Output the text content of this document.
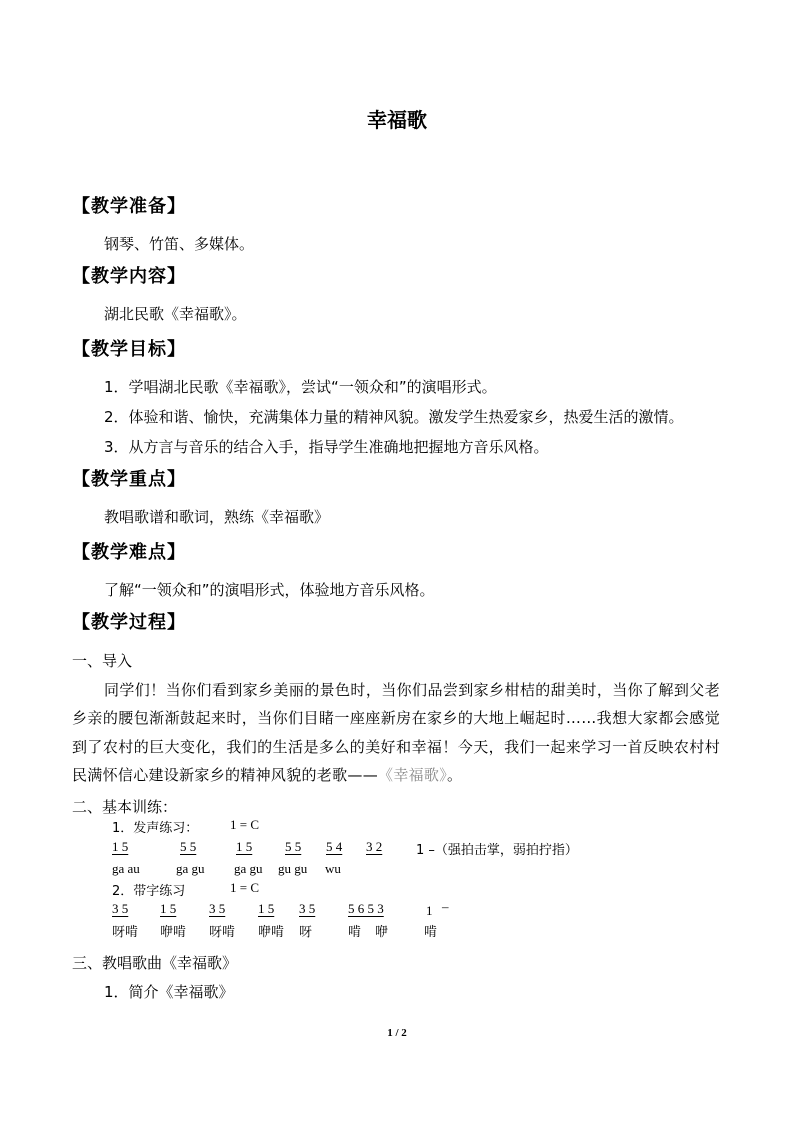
幸福歌
【教学准备】
钢琴、竹笛、多媒体。
【教学内容】
湖北民歌《幸福歌》。
【教学目标】
1．学唱湖北民歌《幸福歌》，尝试“一领众和”的演唱形式。
2．体验和谐、愉快，充满集体力量的精神风貌。激发学生热爱家乡，热爱生活的激情。
3．从方言与音乐的结合入手，指导学生准确地把握地方音乐风格。
【教学重点】
教唱歌谱和歌词，熟练《幸福歌》
【教学难点】
了解“一领众和”的演唱形式，体验地方音乐风格。
【教学过程】
一、导入
同学们！当你们看到家乡美丽的景色时，当你们品尝到家乡柑桔的甜美时，当你了解到父老乡亲的腰包渐渐鼓起来时，当你们目睹一座座新房在家乡的大地上崛起时……我想大家都会感觉到了农村的巨大变化，我们的生活是多么的美好和幸福！今天，我们一起来学习一首反映农村村民满怀信心建设新家乡的精神风貌的老歌——《幸福歌》。
二、基本训练：
1．发声练习： 1 = C
1 5	5 5	1 5	5 5 5 4 3 2	1 –（强拍击掌，弱拍拧指）
ga au	ga gu ga gu gu gu wu
2．带字练习	1 = C
3 5 1 5	3 5	1 5 3 5	5 6 5 3	1 –
呀啃 咿啃 呀啃 咿啃 呀	啃 咿	啃
三、教唱歌曲《幸福歌》
1．简介《幸福歌》
1 / 2
